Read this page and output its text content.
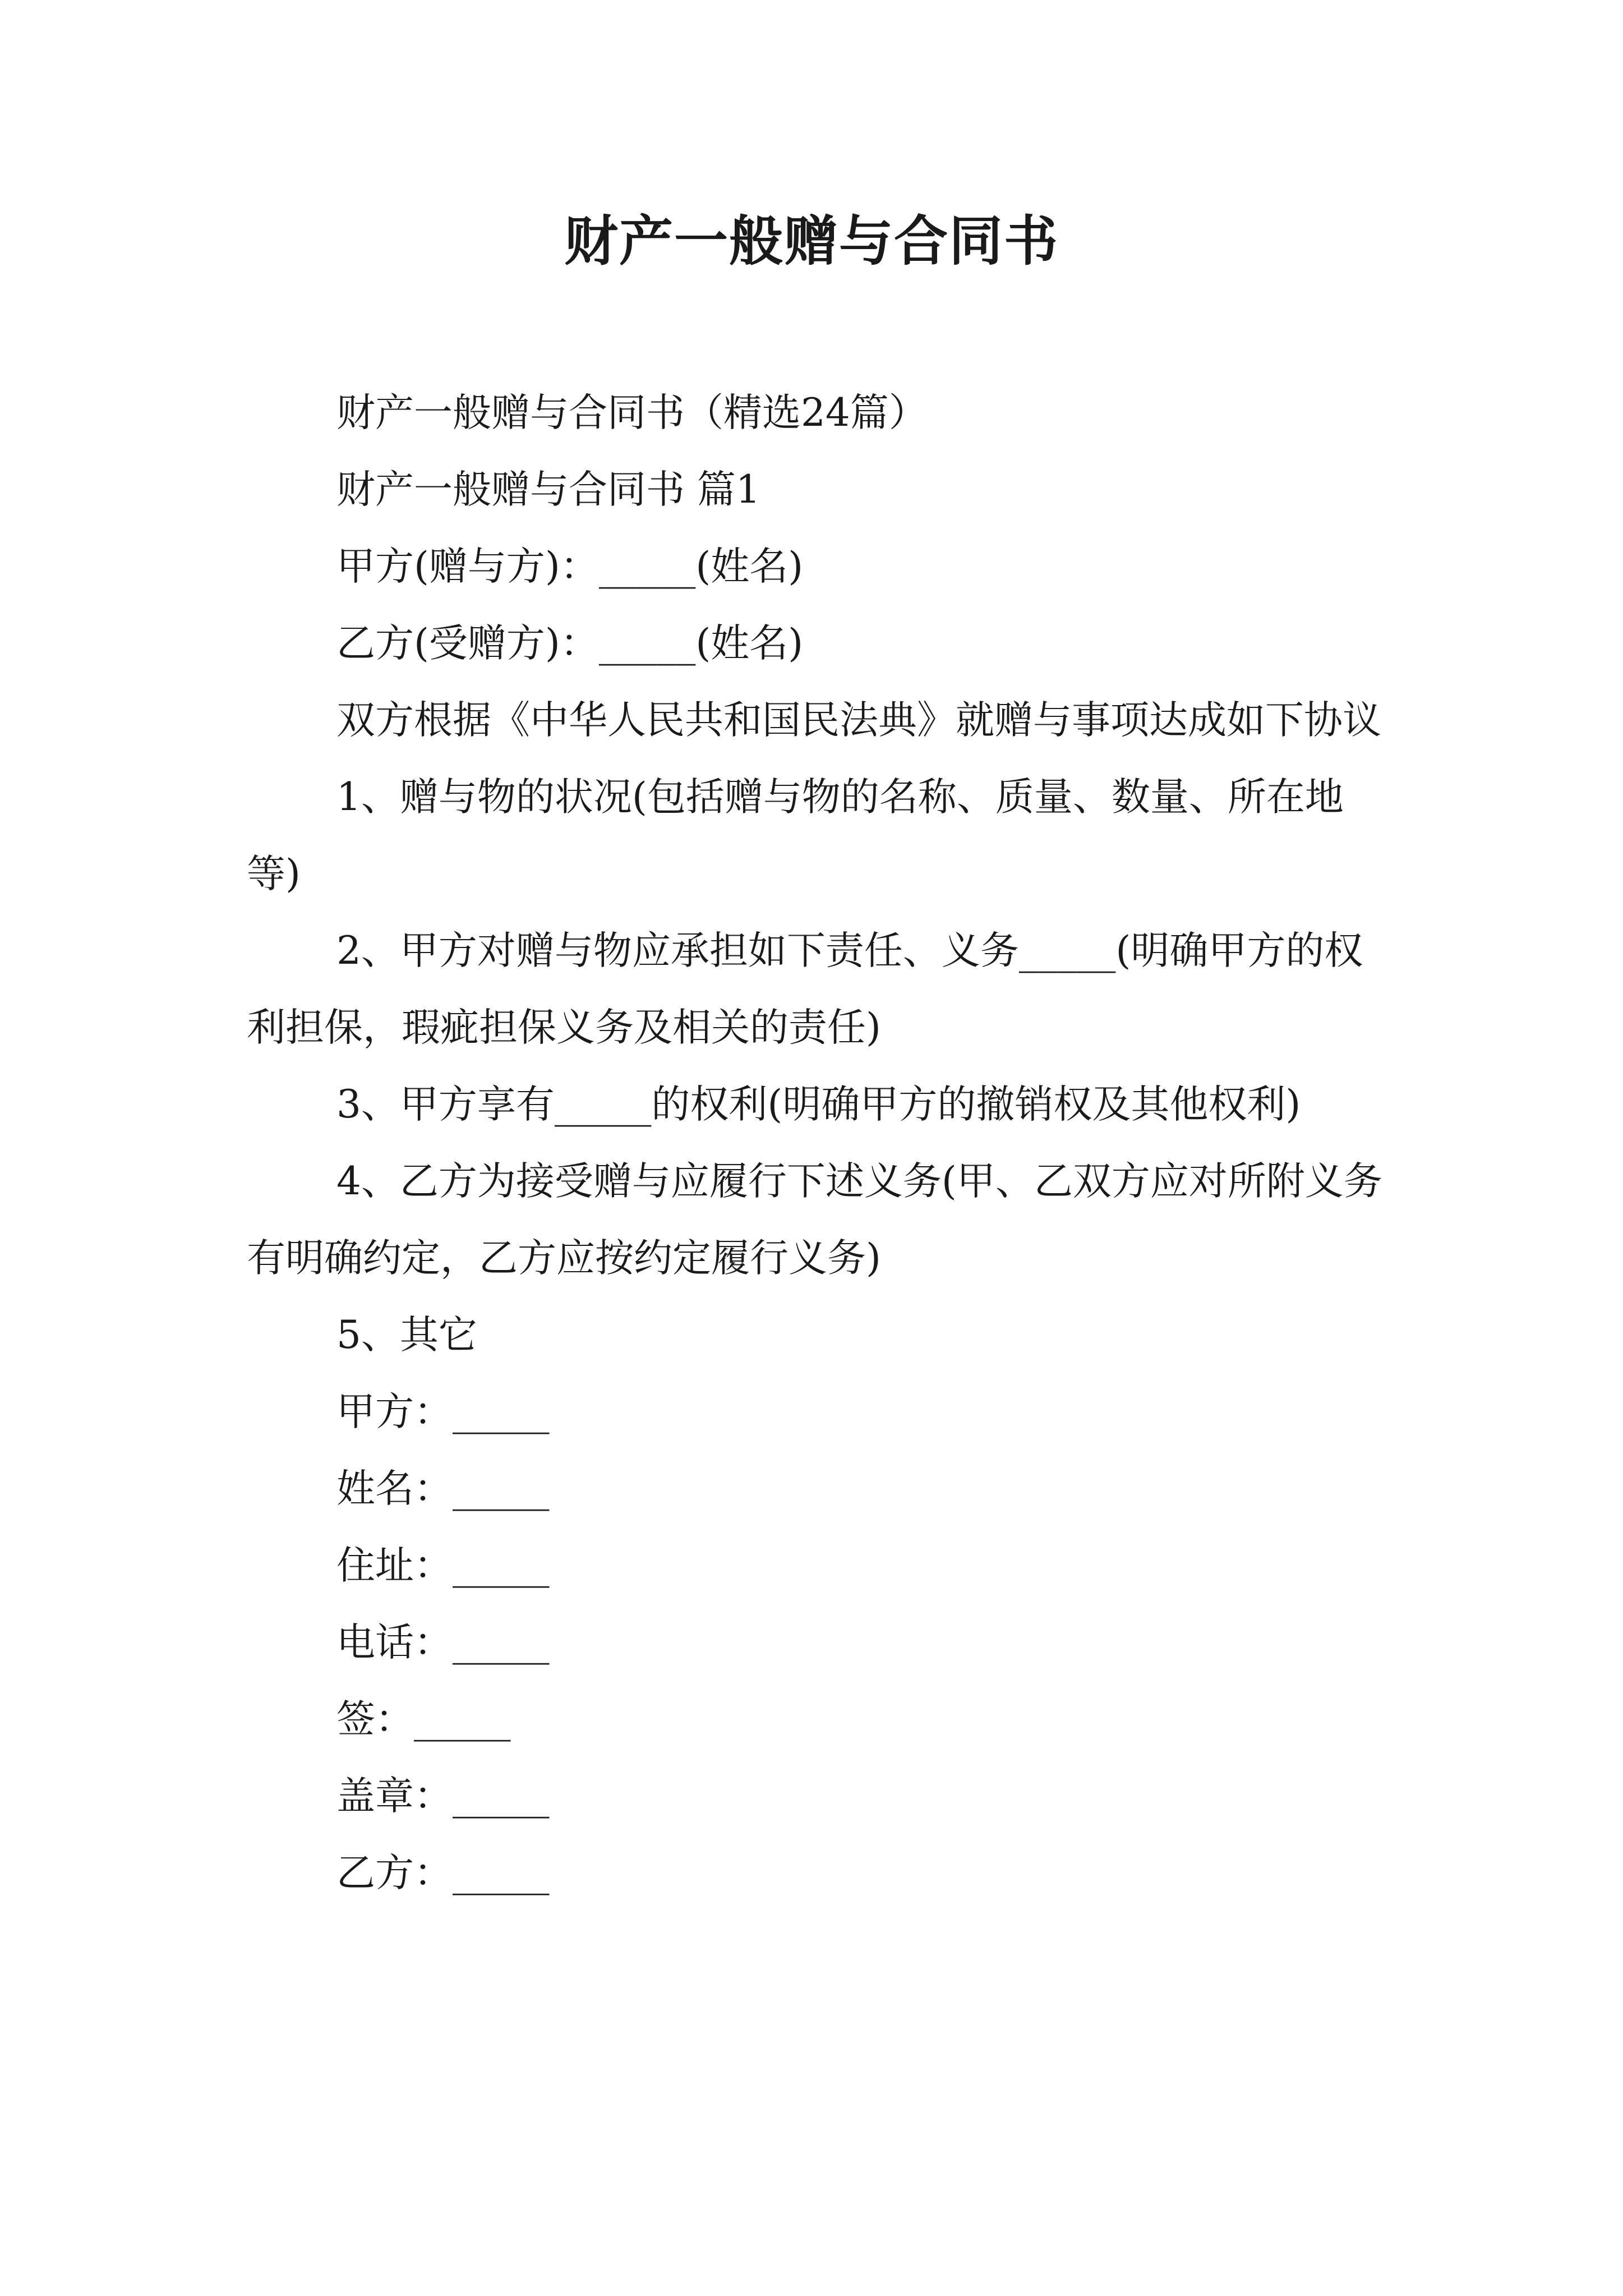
财产一般赠与合同书

财产一般赠与合同书（精选24篇）

财产一般赠与合同书 篇1

甲方(赠与方)：_____(姓名)

乙方(受赠方)：_____(姓名)

双方根据《中华人民共和国民法典》就赠与事项达成如下协议

1、赠与物的状况(包括赠与物的名称、质量、数量、所在地等)

2、甲方对赠与物应承担如下责任、义务_____(明确甲方的权利担保，瑕疵担保义务及相关的责任)

3、甲方享有_____的权利(明确甲方的撤销权及其他权利)

4、乙方为接受赠与应履行下述义务(甲、乙双方应对所附义务有明确约定，乙方应按约定履行义务)

5、其它

甲方：_____

姓名：_____

住址：_____

电话：_____

签：_____

盖章：_____

乙方：_____
